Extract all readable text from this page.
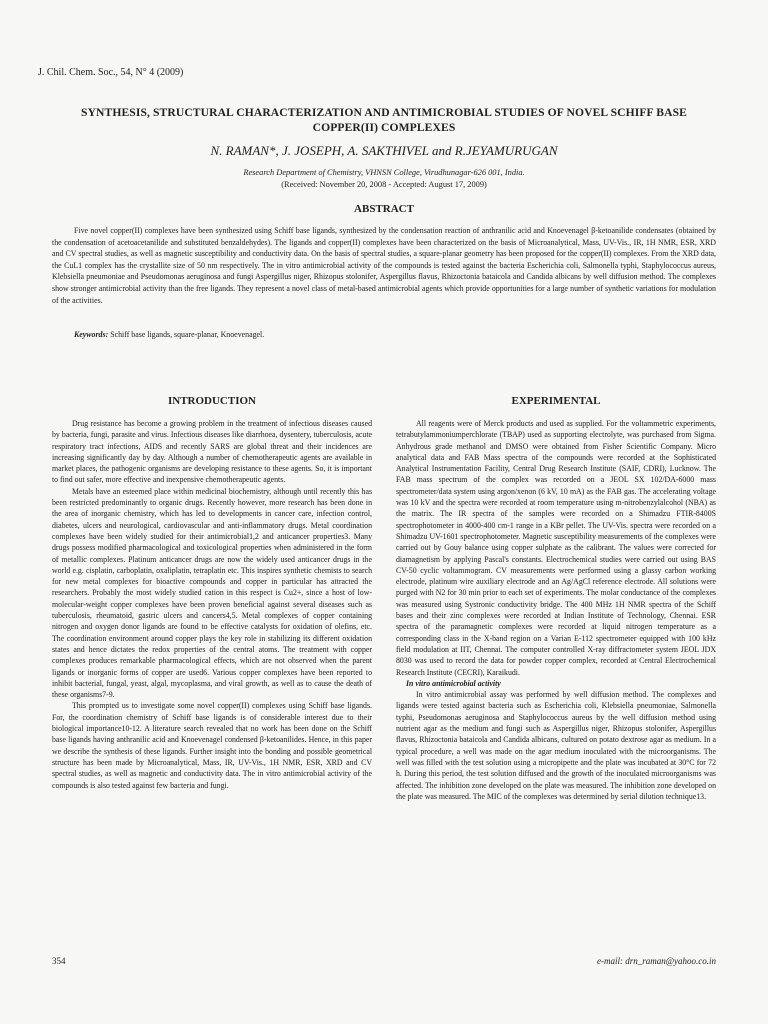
J. Chil. Chem. Soc., 54, N° 4 (2009)
SYNTHESIS, STRUCTURAL CHARACTERIZATION AND ANTIMICROBIAL STUDIES OF NOVEL SCHIFF BASE COPPER(II) COMPLEXES

N. RAMAN*, J. JOSEPH, A. SAKTHIVEL and R.JEYAMURUGAN

Research Department of Chemistry, VHNSN College, Virudhunagar-626 001, India.

(Received: November 20, 2008 - Accepted: August 17, 2009)

ABSTRACT

Five novel copper(II) complexes have been synthesized using Schiff base ligands, synthesized by the condensation reaction of anthranilic acid and Knoevenagel β-ketoanilide condensates (obtained by the condensation of acetoacetanilide and substituted benzaldehydes). The ligands and copper(II) complexes have been characterized on the basis of Microanalytical, Mass, UV-Vis., IR, 1H NMR, ESR, XRD and CV spectral studies, as well as magnetic susceptibility and conductivity data. On the basis of spectral studies, a square-planar geometry has been proposed for the copper(II) complexes. From the XRD data, the CuL1 complex has the crystallite size of 50 nm respectively. The in vitro antimicrobial activity of the compounds is tested against the bacteria Escherichia coli, Salmonella typhi, Staphylococcus aureus, Klebsiella pneumoniae and Pseudomonas aeruginosa and fungi Aspergillus niger, Rhizopus stolonifer, Aspergillus flavus, Rhizoctonia bataicola and Candida albicans by well diffusion method. The complexes show stronger antimicrobial activity than the free ligands. They represent a novel class of metal-based antimicrobial agents which provide opportunities for a large number of synthetic variations for modulation of the activities.

Keywords: Schiff base ligands, square-planar, Knoevenagel.

INTRODUCTION	EXPERIMENTAL

Drug resistance has become a growing problem in the treatment of infectious diseases caused by bacteria, fungi, parasite and virus. Infectious diseases like diarrhoea, dysentery, tuberculosis, acute respiratory tract infections, AIDS and recently SARS are global threat and their incidences are increasing significantly day by day. Although a number of chemotherapeutic agents are available in market places, the pathogenic organisms are developing resistance to these agents. So, it is important to find out safer, more effective and inexpensive chemotherapeutic agents.

Metals have an esteemed place within medicinal biochemistry, although until recently this has been restricted predominantly to organic drugs. Recently however, more research has been done in the area of inorganic chemistry, which has led to developments in cancer care, infection control, diabetes, ulcers and neurological, cardiovascular and anti-inflammatory drugs. Metal coordination complexes have been widely studied for their antimicrobial1,2 and anticancer properties3. Many drugs possess modified pharmacological and toxicological properties when administered in the form of metallic complexes. Platinum anticancer drugs are now the widely used anticancer drugs in the world e.g. cisplatin, carboplatin, oxaliplatin, tetraplatin etc. This inspires synthetic chemists to search for new metal complexes for bioactive compounds and copper in particular has attracted the researchers. Probably the most widely studied cation in this respect is Cu2+, since a host of low-molecular-weight copper complexes have been proven beneficial against several diseases such as tuberculosis, rheumatoid, gastric ulcers and cancers4,5. Metal complexes of copper containing nitrogen and oxygen donor ligands are found to be effective catalysts for oxidation of olefins, etc. The coordination environment around copper plays the key role in stabilizing its different oxidation states and hence dictates the redox properties of the central atoms. The treatment with copper complexes produces remarkable pharmacological effects, which are not observed when the parent ligands or inorganic forms of copper are used6. Various copper complexes have been reported to inhibit bacterial, fungal, yeast, algal, mycoplasma, and viral growth, as well as to cause the death of these organisms7-9.

This prompted us to investigate some novel copper(II) complexes using Schiff base ligands. For, the coordination chemistry of Schiff base ligands is of considerable interest due to their biological importance10-12. A literature search revealed that no work has been done on the Schiff base ligands having anthranilic acid and Knoevenagel condensed β-ketoanilides. Hence, in this paper we describe the synthesis of these ligands. Further insight into the bonding and possible geometrical structure has been made by Microanalytical, Mass, IR, UV-Vis., 1H NMR, ESR, XRD and CV spectral studies, as well as magnetic and conductivity data. The in vitro antimicrobial activity of the compounds is also tested against few bacteria and fungi.

All reagents were of Merck products and used as supplied. For the voltammetric experiments, tetrabutylammoniumperchlorate (TBAP) used as supporting electrolyte, was purchased from Sigma. Anhydrous grade methanol and DMSO were obtained from Fisher Scientific Company. Micro analytical data and FAB Mass spectra of the compounds were recorded at the Sophisticated Analytical Instrumentation Facility, Central Drug Research Institute (SAIF, CDRI), Lucknow. The FAB mass spectrum of the complex was recorded on a JEOL SX 102/DA-6000 mass spectrometer/data system using argon/xenon (6 kV, 10 mA) as the FAB gas. The accelerating voltage was 10 kV and the spectra were recorded at room temperature using m-nitrobenzylalcohol (NBA) as the matrix. The IR spectra of the samples were recorded on a Shimadzu FTIR-8400S spectrophotometer in 4000-400 cm-1 range in a KBr pellet. The UV-Vis. spectra were recorded on a Shimadzu UV-1601 spectrophotometer. Magnetic susceptibility measurements of the complexes were carried out by Gouy balance using copper sulphate as the calibrant. The values were corrected for diamagnetism by applying Pascal's constants. Electrochemical studies were carried out using BAS CV-50 cyclic voltammogram. CV measurements were performed using a glassy carbon working electrode, platinum wire auxiliary electrode and an Ag/AgCl reference electrode. All solutions were purged with N2 for 30 min prior to each set of experiments. The molar conductance of the complexes was measured using Systronic conductivity bridge. The 400 MHz 1H NMR spectra of the Schiff bases and their zinc complexes were recorded at Indian Institute of Technology, Chennai. ESR spectra of the paramagnetic complexes were recorded at liquid nitrogen temperature as a corresponding class in the X-band region on a Varian E-112 spectrometer equipped with 100 kHz field modulation at IIT, Chennai. The computer controlled X-ray diffractometer system JEOL JDX 8030 was used to record the data for powder copper complex, recorded at Central Electrochemical Research Institute (CECRI), Karaikudi.

In vitro antimicrobial activity

In vitro antimicrobial assay was performed by well diffusion method. The complexes and ligands were tested against bacteria such as Escherichia coli, Klebsiella pneumoniae, Salmonella typhi, Pseudomonas aeruginosa and Staphylococcus aureus by the well diffusion method using nutrient agar as the medium and fungi such as Aspergillus niger, Rhizopus stolonifer, Aspergillus flavus, Rhizoctonia bataicola and Candida albicans, cultured on potato dextrose agar as medium. In a typical procedure, a well was made on the agar medium inoculated with the microorganisms. The well was filled with the test solution using a micropipette and the plate was incubated at 30°C for 72 h. During this period, the test solution diffused and the growth of the inoculated microorganisms was affected. The inhibition zone developed on the plate was measured. The inhibition zone developed on the plate was measured. The MIC of the complexes was determined by serial dilution technique13.

354	e-mail: drn_raman@yahoo.co.in
